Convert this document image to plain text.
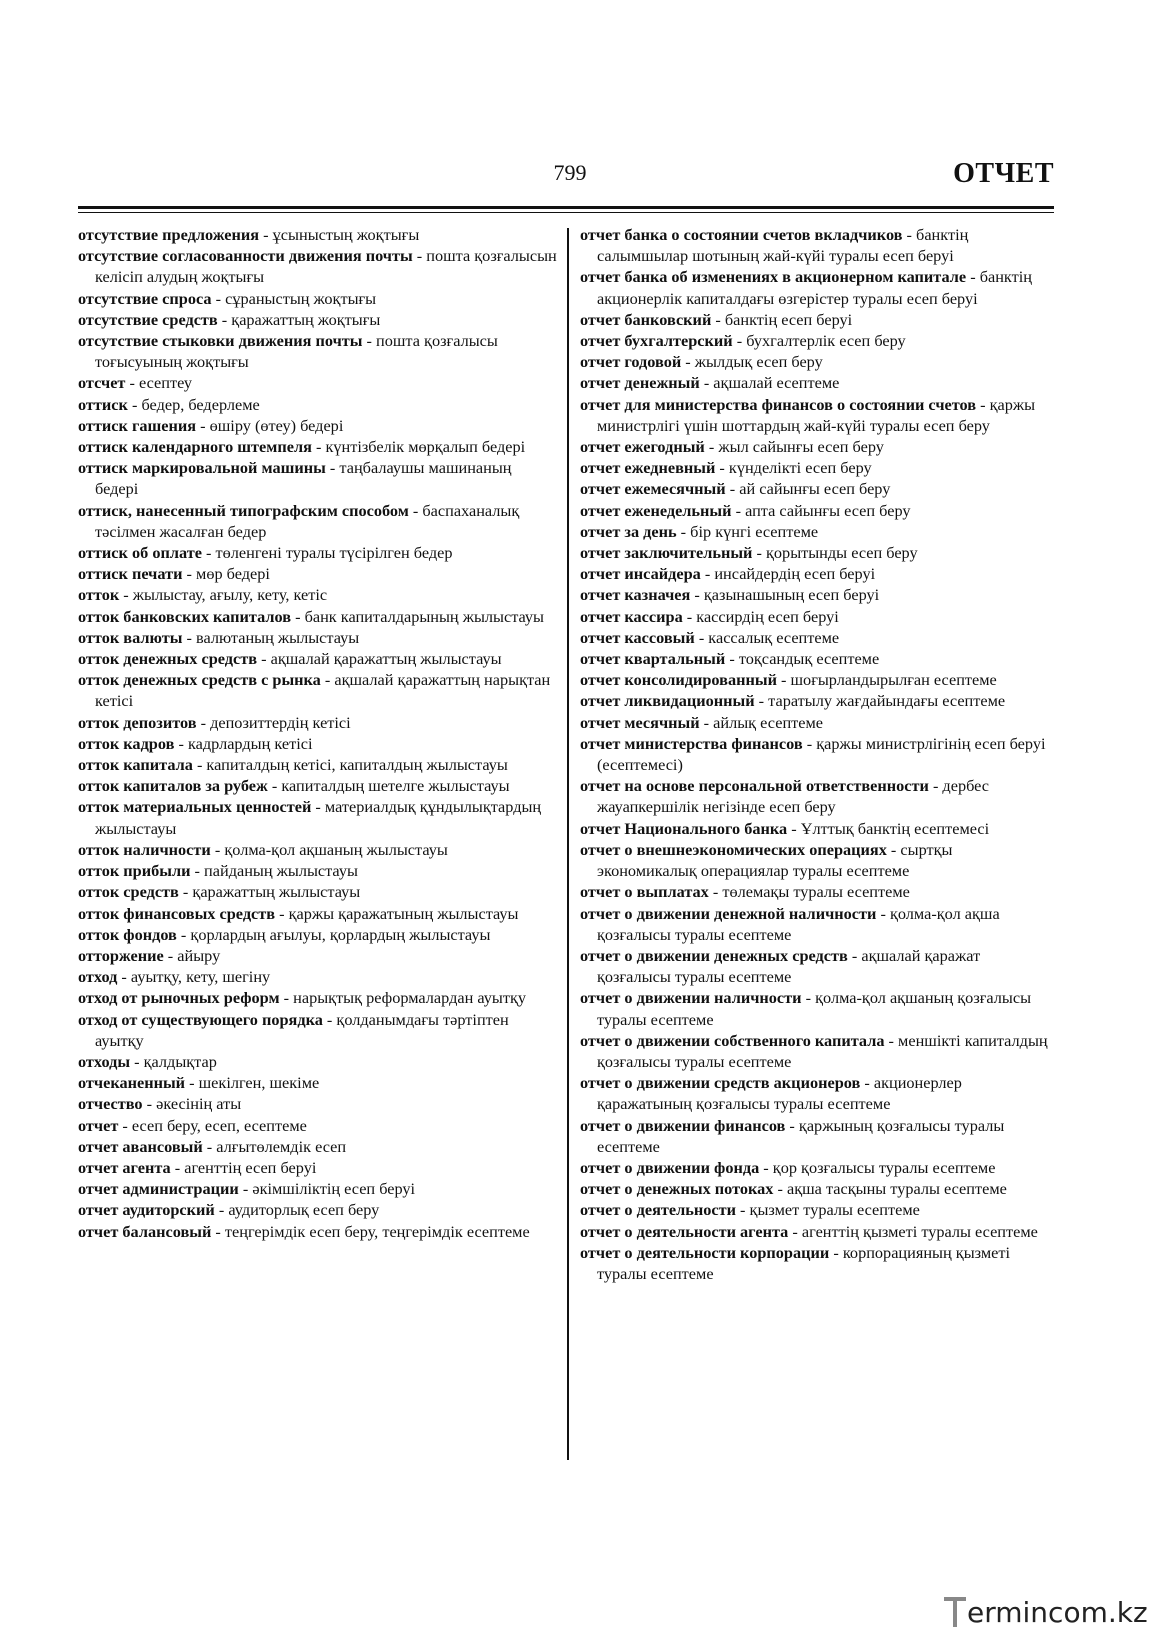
799	ОТЧЕТ

отсутствие предложения - ұсыныстың жоқтығы

отсутствие согласованности движения почты - пошта қозғалысын келісіп алудың жоқтығы

отсутствие спроса - сұраныстың жоқтығы

отсутствие средств - қаражаттың жоқтығы

отсутствие стыковки движения почты - пошта қозғалысы тоғысуының жоқтығы

отсчет - есептеу

оттиск - бедер, бедерлеме

оттиск гашения - өшіру (өтеу) бедері

оттиск календарного штемпеля - күнтізбелік мөрқалып бедері

оттиск маркировальной машины - таңбалаушы машинаның бедері

оттиск, нанесенный типографским способом - баспаханалық тәсілмен жасалған бедер

оттиск об оплате - төленгені туралы түсірілген бедер

оттиск печати - мөр бедері

отток - жылыстау, ағылу, кету, кетіс

отток банковских капиталов - банк капиталдарының жылыстауы

отток валюты - валютаның жылыстауы

отток денежных средств - ақшалай қаражаттың жылыстауы

отток денежных средств с рынка - ақшалай қаражаттың нарықтан кетісі

отток депозитов - депозиттердің кетісі

отток кадров - кадрлардың кетісі

отток капитала - капиталдың кетісі, капиталдың жылыстауы

отток капиталов за рубеж - капиталдың шетелге жылыстауы

отток материальных ценностей - материалдық құндылықтардың жылыстауы

отток наличности - қолма-қол ақшаның жылыстауы

отток прибыли - пайданың жылыстауы

отток средств - қаражаттың жылыстауы

отток финансовых средств - қаржы қаражатының жылыстауы

отток фондов - қорлардың ағылуы, қорлардың жылыстауы

отторжение - айыру

отход - ауытқу, кету, шегіну

отход от рыночных реформ - нарықтық реформалардан ауытқу

отход от существующего порядка - қолданымдағы тәртіптен ауытқу

отходы - қалдықтар

отчеканенный - шекілген, шекіме

отчество - әкесінің аты

отчет - есеп беру, есеп, есептеме

отчет авансовый - алғытөлемдік есеп

отчет агента - агенттің есеп беруі

отчет администрации - әкімшіліктің есеп беруі

отчет аудиторский - аудиторлық есеп беру

отчет балансовый - теңгерімдік есеп беру, теңгерімдік есептеме

отчет банка о состоянии счетов вкладчиков - банктің салымшылар шотының жай-күйі туралы есеп беруі

отчет банка об изменениях в акционерном капитале - банктің акционерлік капиталдағы өзгерістер туралы есеп беруі

отчет банковский - банктің есеп беруі

отчет бухгалтерский - бухгалтерлік есеп беру

отчет годовой - жылдық есеп беру

отчет денежный - ақшалай есептеме

отчет для министерства финансов о состоянии счетов - қаржы министрлігі үшін шоттардың жай-күйі туралы есеп беру

отчет ежегодный - жыл сайынғы есеп беру

отчет ежедневный - күнделікті есеп беру

отчет ежемесячный - ай сайынғы есеп беру

отчет еженедельный - апта сайынғы есеп беру

отчет за день - бір күнгі есептеме

отчет заключительный - қорытынды есеп беру

отчет инсайдера - инсайдердің есеп беруі

отчет казначея - қазынашының есеп беруі

отчет кассира - кассирдің есеп беруі

отчет кассовый - кассалық есептеме

отчет квартальный - тоқсандық есептеме

отчет консолидированный - шоғырландырылған есептеме

отчет ликвидационный - таратылу жағдайындағы есептеме

отчет месячный - айлық есептеме

отчет министерства финансов - қаржы министрлігінің есеп беруі (есептемесі)

отчет на основе персональной ответственности - дербес жауапкершілік негізінде есеп беру

отчет Национального банка - Ұлттық банктің есептемесі

отчет о внешнеэкономических операциях - сыртқы экономикалық операциялар туралы есептеме

отчет о выплатах - төлемақы туралы есептеме

отчет о движении денежной наличности - қолма-қол ақша қозғалысы туралы есептеме

отчет о движении денежных средств - ақшалай қаражат қозғалысы туралы есептеме

отчет о движении наличности - қолма-қол ақшаның қозғалысы туралы есептеме

отчет о движении собственного капитала - меншікті капиталдың қозғалысы туралы есептеме

отчет о движении средств акционеров - акционерлер қаражатының қозғалысы туралы есептеме

отчет о движении финансов - қаржының қозғалысы туралы есептеме

отчет о движении фонда - қор қозғалысы туралы есептеме

отчет о денежных потоках - ақша тасқыны туралы есептеме

отчет о деятельности - қызмет туралы есептеме

отчет о деятельности агента - агенттің қызметі туралы есептеме

отчет о деятельности корпорации - корпорацияның қызметі туралы есептеме

ermincom.kz
